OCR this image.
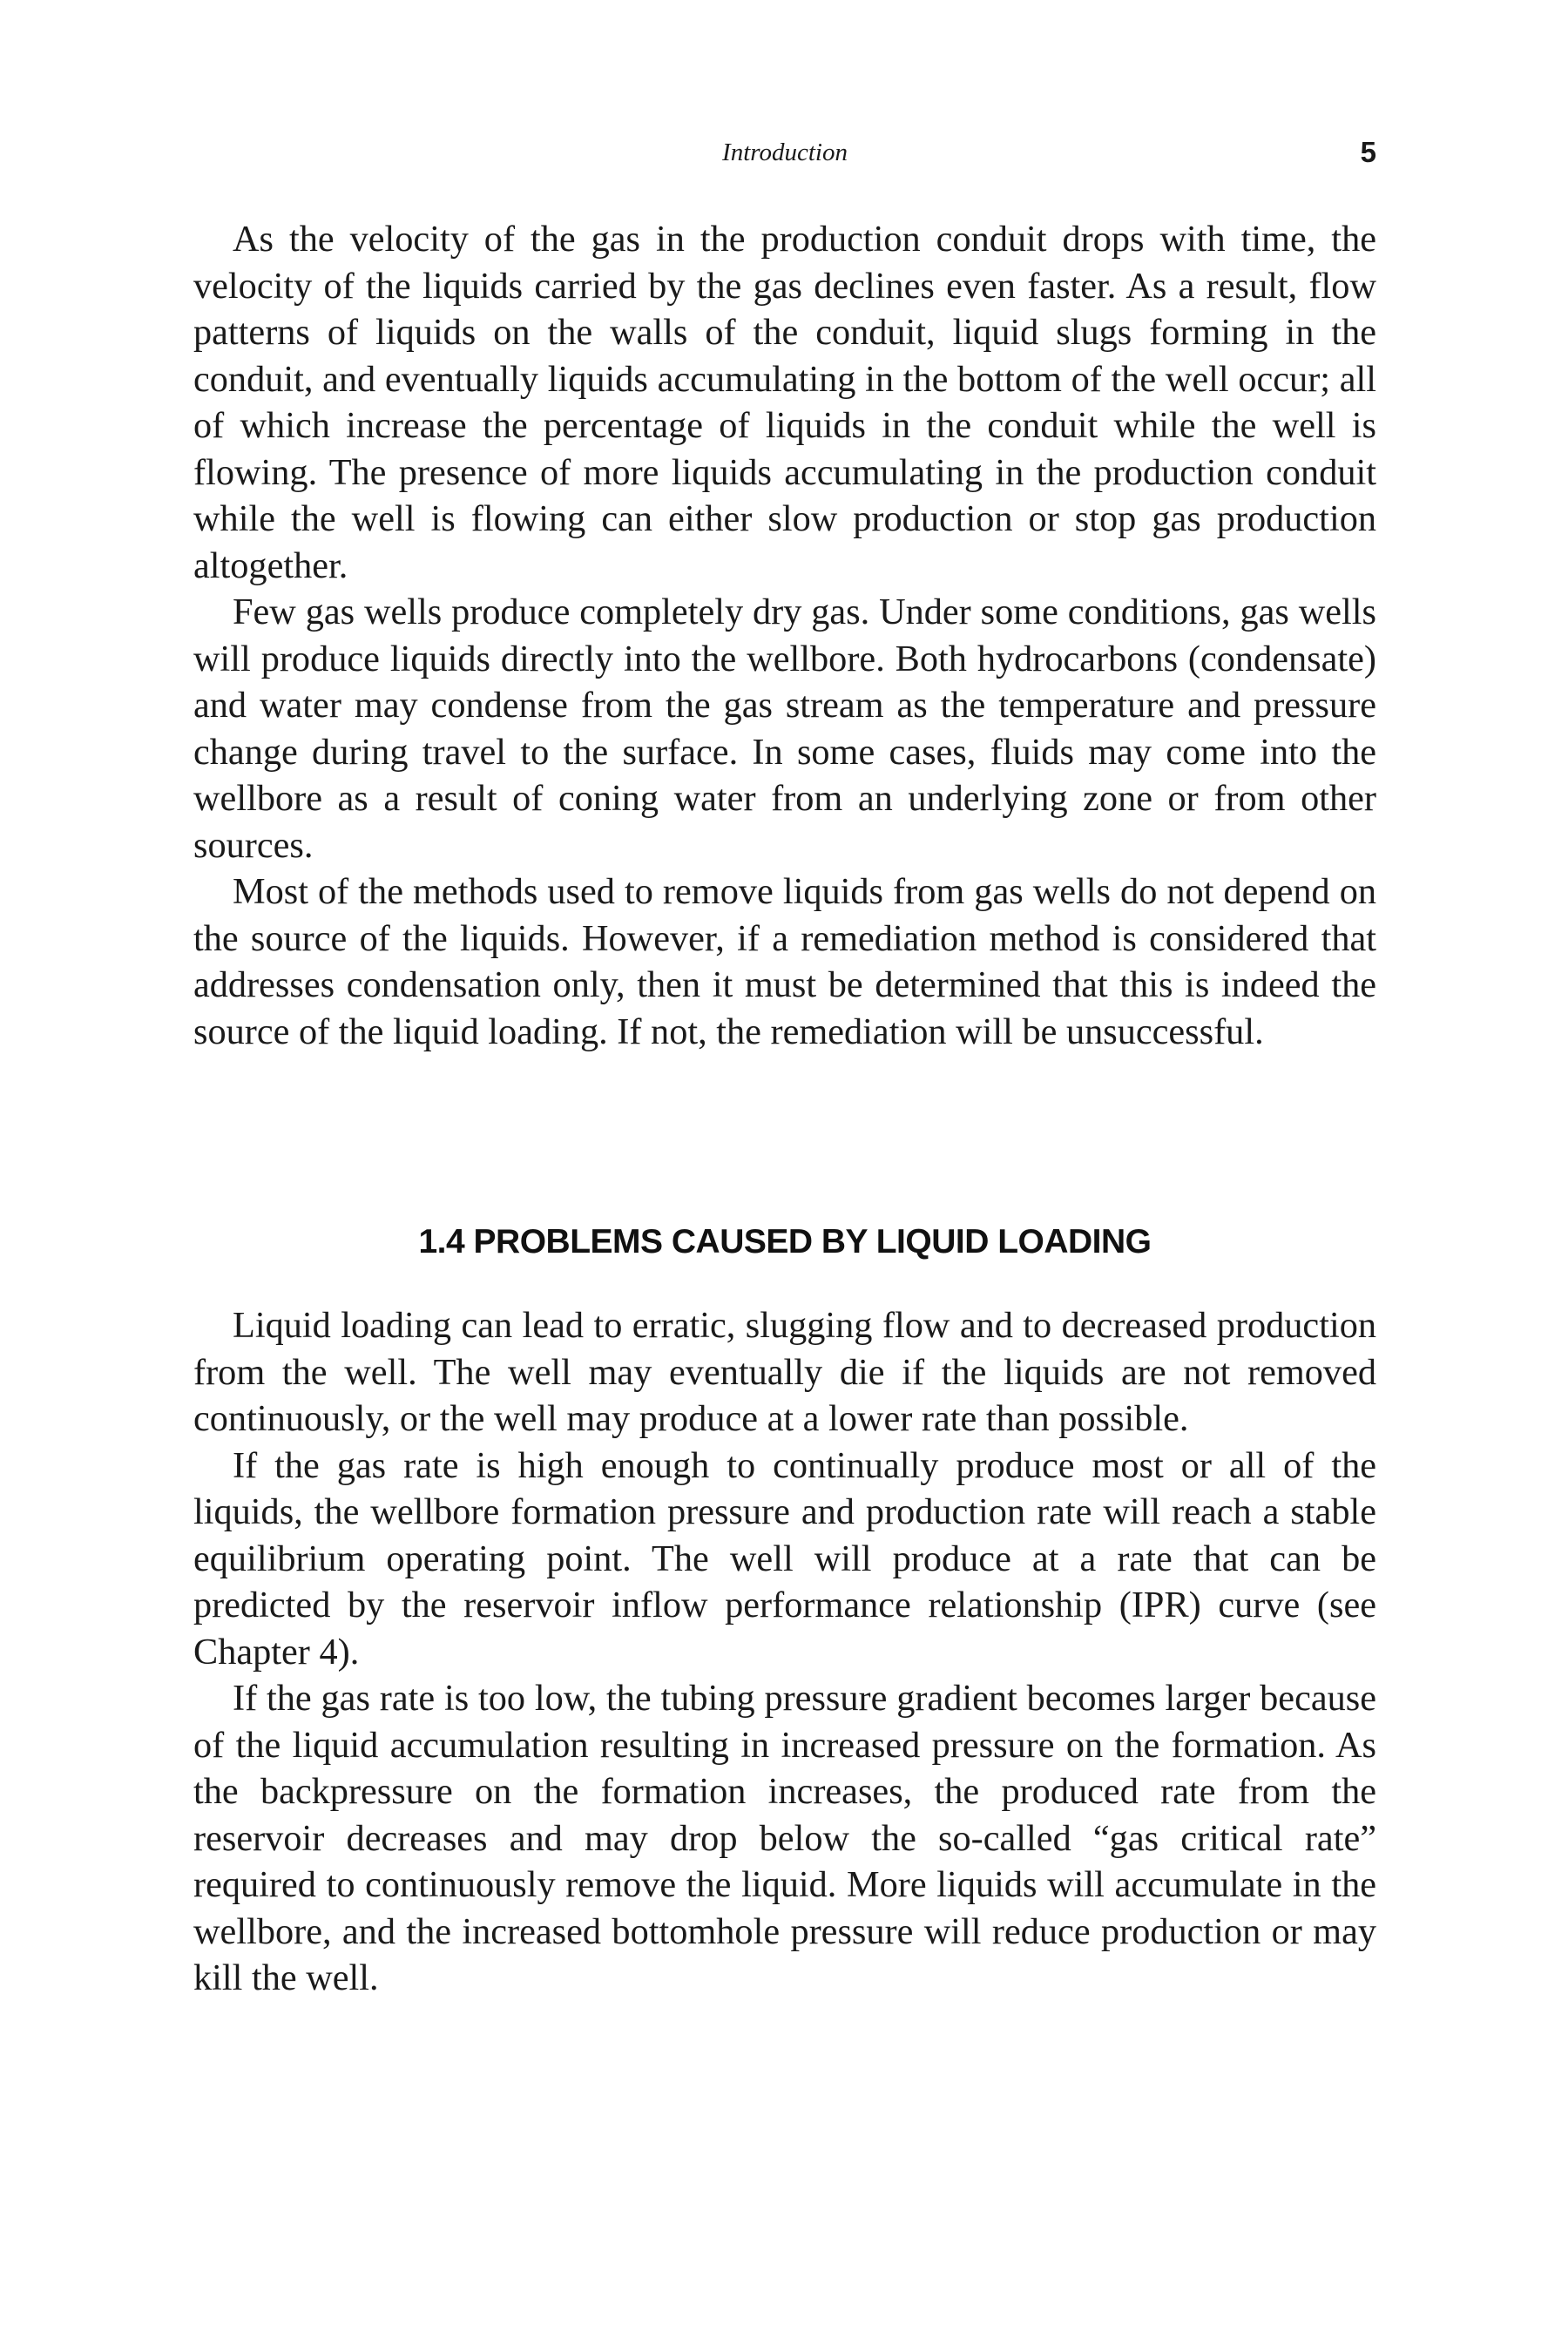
Introduction	5

As the velocity of the gas in the production conduit drops with time, the velocity of the liquids carried by the gas declines even faster. As a result, flow patterns of liquids on the walls of the conduit, liquid slugs forming in the conduit, and eventually liquids accumulating in the bottom of the well occur; all of which increase the percentage of liquids in the conduit while the well is flowing. The presence of more liquids accumulating in the production conduit while the well is flowing can either slow production or stop gas production altogether.

Few gas wells produce completely dry gas. Under some conditions, gas wells will produce liquids directly into the wellbore. Both hydrocarbons (condensate) and water may condense from the gas stream as the temperature and pressure change during travel to the surface. In some cases, fluids may come into the wellbore as a result of coning water from an underlying zone or from other sources.

Most of the methods used to remove liquids from gas wells do not depend on the source of the liquids. However, if a remediation method is considered that addresses condensation only, then it must be determined that this is indeed the source of the liquid loading. If not, the remediation will be unsuccessful.

1.4 PROBLEMS CAUSED BY LIQUID LOADING

Liquid loading can lead to erratic, slugging flow and to decreased production from the well. The well may eventually die if the liquids are not removed continuously, or the well may produce at a lower rate than possible.

If the gas rate is high enough to continually produce most or all of the liquids, the wellbore formation pressure and production rate will reach a stable equilibrium operating point. The well will produce at a rate that can be predicted by the reservoir inflow performance relationship (IPR) curve (see Chapter 4).

If the gas rate is too low, the tubing pressure gradient becomes larger because of the liquid accumulation resulting in increased pressure on the formation. As the backpressure on the formation increases, the produced rate from the reservoir decreases and may drop below the so-called “gas critical rate” required to continuously remove the liquid. More liquids will accumulate in the wellbore, and the increased bottomhole pressure will reduce production or may kill the well.
